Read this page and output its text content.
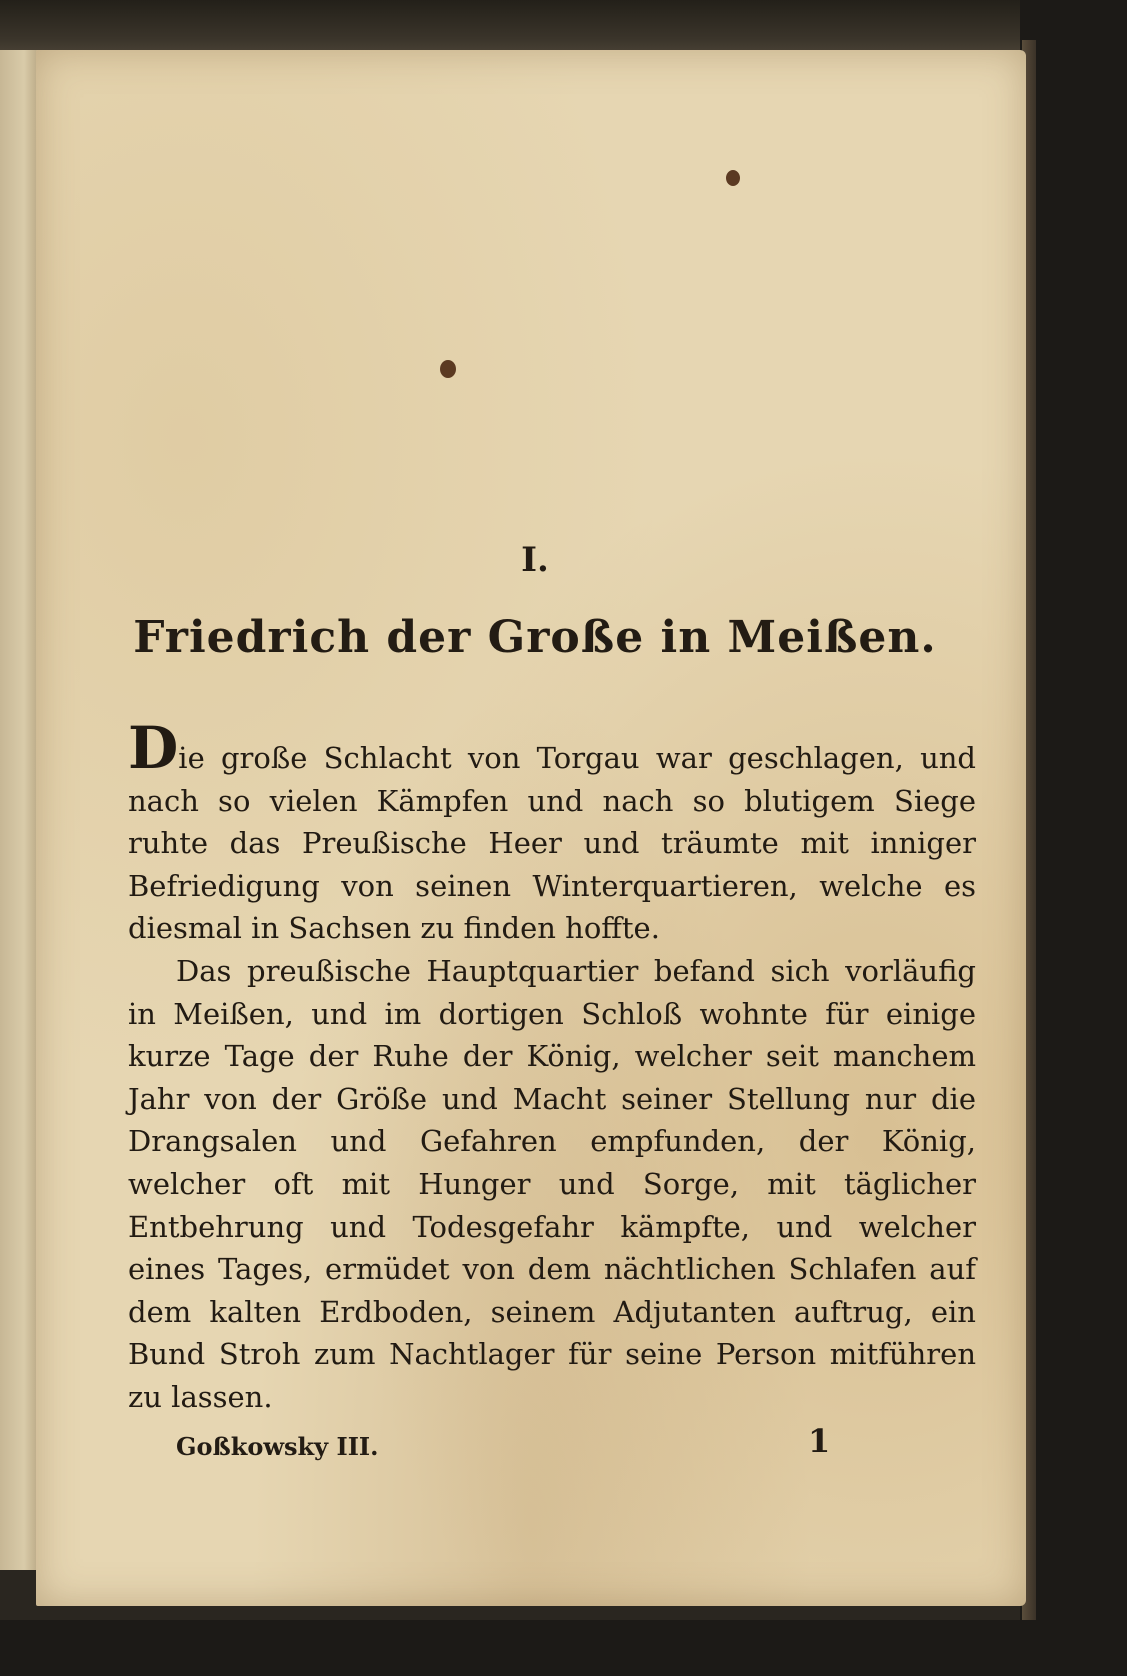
I.
Friedrich der Große in Meißen.

Die große Schlacht von Torgau war geschlagen, und nach so vielen Kämpfen und nach so blutigem Siege ruhte das Preußische Heer und träumte mit inniger Befriedigung von seinen Winterquartieren, welche es diesmal in Sachsen zu finden hoffte.

Das preußische Hauptquartier befand sich vorläufig in Meißen, und im dortigen Schloß wohnte für einige kurze Tage der Ruhe der König, welcher seit manchem Jahr von der Größe und Macht seiner Stellung nur die Drangsalen und Gefahren empfunden, der König, welcher oft mit Hunger und Sorge, mit täglicher Entbehrung und Todesgefahr kämpfte, und welcher eines Tages, ermüdet von dem nächtlichen Schlafen auf dem kalten Erdboden, seinem Adjutanten auftrug, ein Bund Stroh zum Nachtlager für seine Person mitführen zu lassen.

Goßkowsky III.	1
